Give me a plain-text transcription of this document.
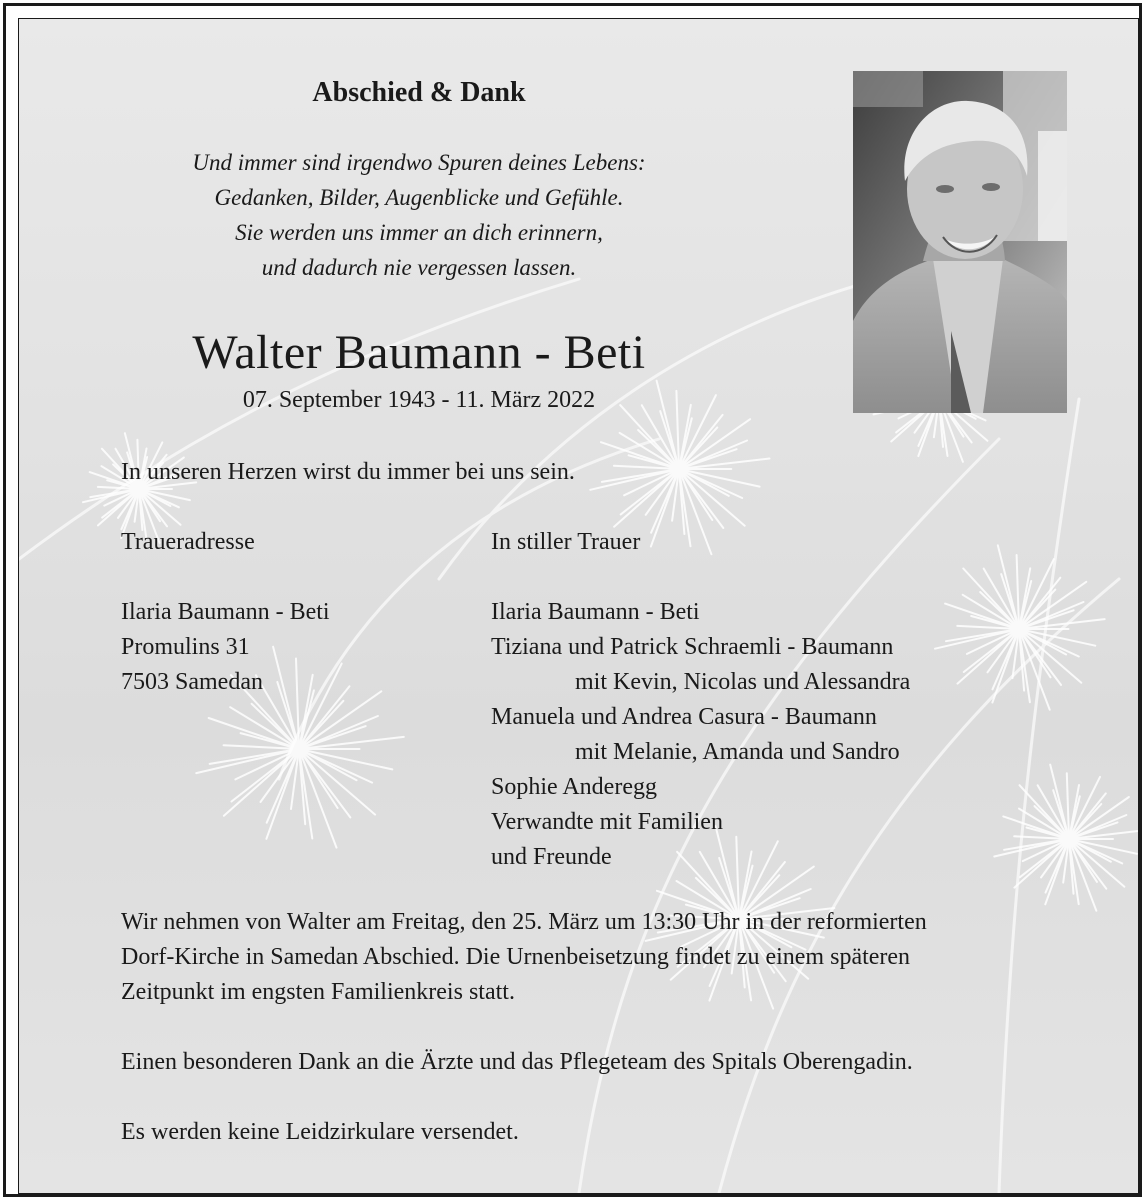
Abschied & Dank
Und immer sind irgendwo Spuren deines Lebens:
Gedanken, Bilder, Augenblicke und Gefühle.
Sie werden uns immer an dich erinnern,
und dadurch nie vergessen lassen.
Walter Baumann - Beti
07. September 1943 - 11. März 2022
In unseren Herzen wirst du immer bei uns sein.
Traueradresse
Ilaria Baumann - Beti
Promulins 31
7503 Samedan
In stiller Trauer
Ilaria Baumann - Beti
Tiziana und Patrick Schraemli - Baumann
mit Kevin, Nicolas und Alessandra
Manuela und Andrea Casura - Baumann
mit Melanie, Amanda und Sandro
Sophie Anderegg
Verwandte mit Familien
und Freunde
Wir nehmen von Walter am Freitag, den 25. März um 13:30 Uhr in der reformierten
Dorf-Kirche in Samedan Abschied. Die Urnenbeisetzung findet zu einem späteren
Zeitpunkt im engsten Familienkreis statt.
Einen besonderen Dank an die Ärzte und das Pflegeteam des Spitals Oberengadin.
Es werden keine Leidzirkulare versendet.
